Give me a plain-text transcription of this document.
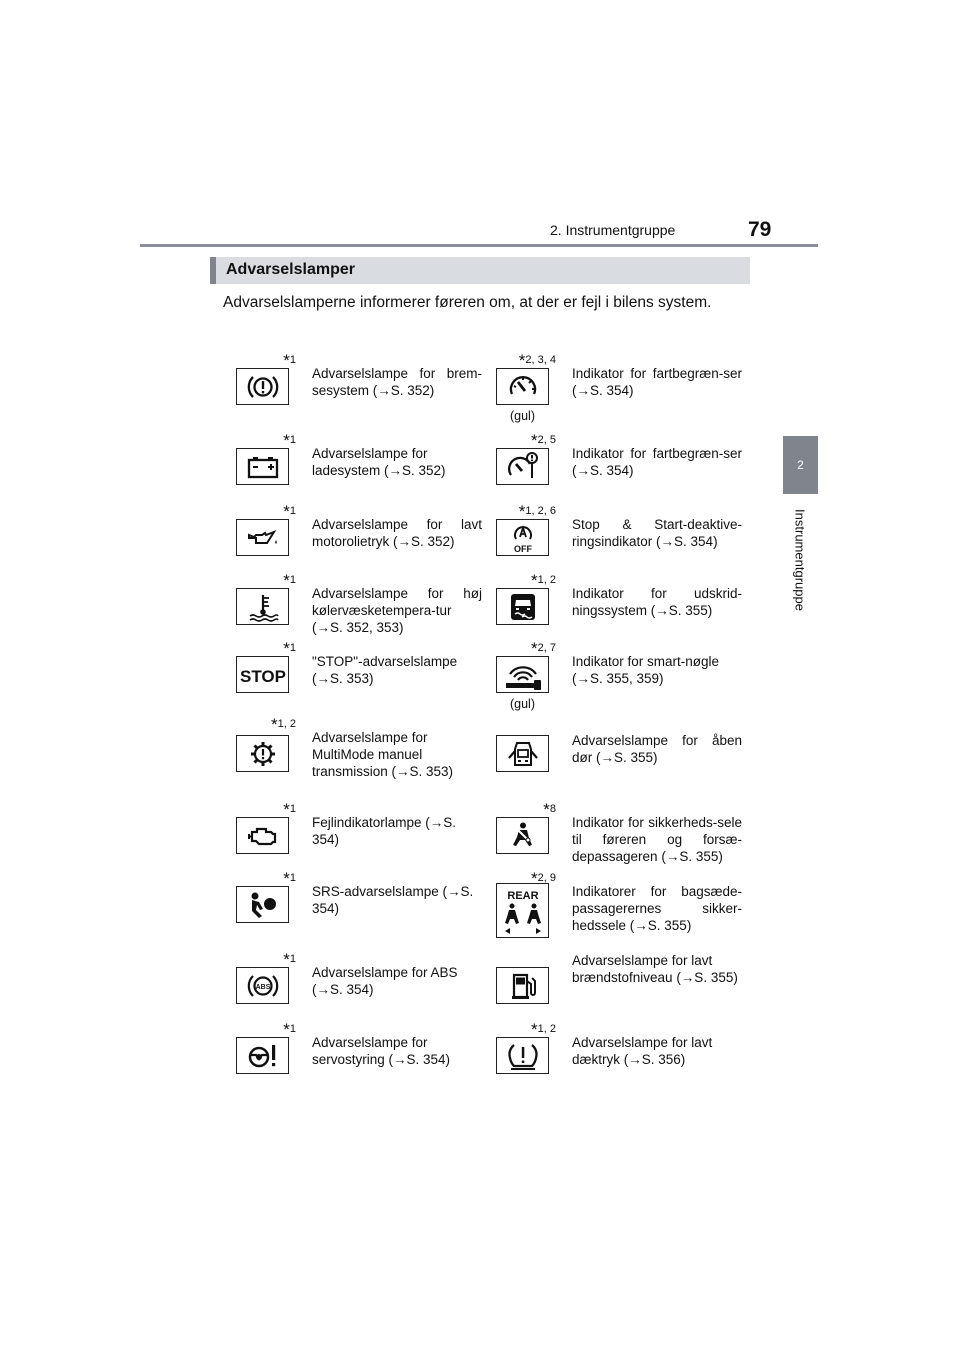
2. Instrumentgruppe	79
2
Instrumentgruppe
Advarselslamper
Advarselslamperne informerer føreren om, at der er fejl i bilens system.
*1
Advarselslampe for brem-sesystem (→S. 352)
*1
Advarselslampe for ladesystem (→S. 352)
*1
Advarselslampe for lavt motorolietryk (→S. 352)
*1
Advarselslampe for høj kølervæsketempera-tur (→S. 352, 353)
*1
STOP
"STOP"-advarselslampe (→S. 353)
*1, 2
Advarselslampe for MultiMode manuel transmission (→S. 353)
*1
Fejlindikatorlampe (→S. 354)
*1
SRS-advarselslampe (→S. 354)
*1
ABS
Advarselslampe for ABS (→S. 354)
*1
Advarselslampe for servostyring (→S. 354)
*2, 3, 4
(gul)
Indikator for fartbegræn-ser (→S. 354)
*2, 5
Indikator for fartbegræn-ser (→S. 354)
*1, 2, 6
OFF
Stop & Start-deaktive-ringsindikator (→S. 354)
*1, 2
Indikator for udskrid-ningssystem (→S. 355)
*2, 7
(gul)
Indikator for smart-nøgle (→S. 355, 359)
Advarselslampe for åben dør (→S. 355)
*8
Indikator for sikkerheds-sele til føreren og forsæ-depassageren (→S. 355)
*2, 9
REAR	Indikatorer for bagsæde-passagerernes sikker-hedssele (→S. 355)
Advarselslampe for lavt brændstofniveau (→S. 355)
*1, 2
Advarselslampe for lavt dæktryk (→S. 356)
